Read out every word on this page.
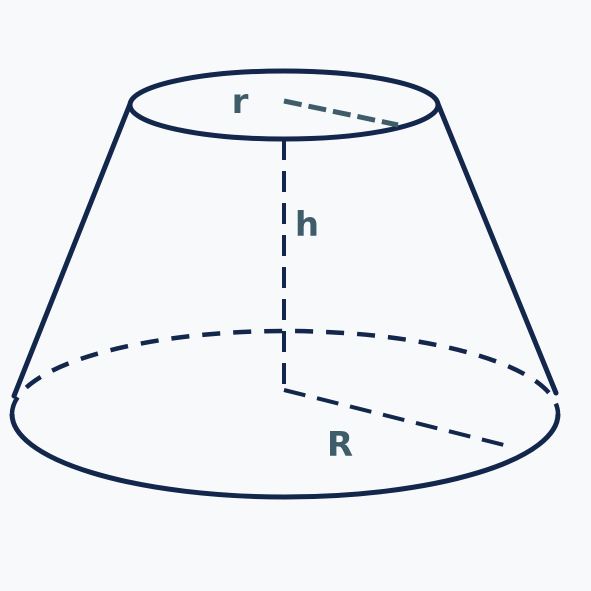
r
h
R
